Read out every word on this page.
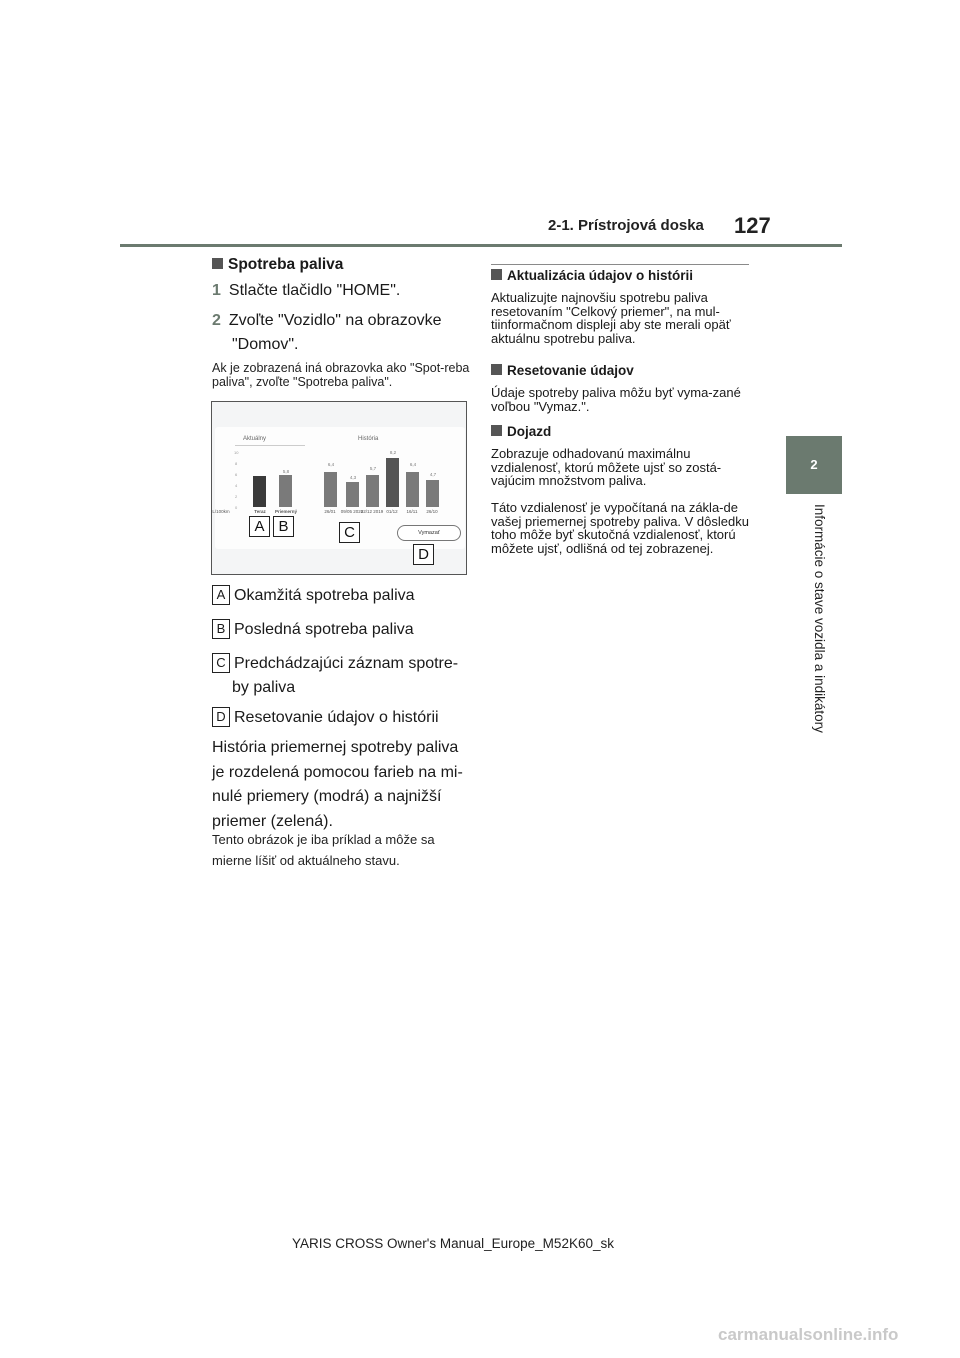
2-1. Prístrojová doska 127
2
Informácie o stave vozidla a indikátory
Spotreba paliva
1 Stlačte tlačidlo "HOME".
2 Zvoľte "Vozidlo" na obrazovke
"Domov".
Ak je zobrazená iná obrazovka ako "Spot-reba paliva", zvoľte "Spotreba paliva".
Aktuálny	História
10
8
6
4
2
0
5,8
Teraz	Priemerný
L/100km
6,4
4,3
5,7
8,2
6,4
4,7
26/01	09/05 2020
22/12 2019 01/12	16/11	26/10
Vymazať
A B	C
D
A Okamžitá spotreba paliva
B Posledná spotreba paliva
C Predchádzajúci záznam spotre-
by paliva
D Resetovanie údajov o histórii
História priemernej spotreby paliva je rozdelená pomocou farieb na mi-nulé priemery (modrá) a najnižší priemer (zelená).
Tento obrázok je iba príklad a môže sa mierne líšiť od aktuálneho stavu.
Aktualizácia údajov o histórii
Aktualizujte najnovšiu spotrebu paliva resetovaním "Celkový priemer", na mul-tiinformačnom displeji aby ste merali opäť aktuálnu spotrebu paliva.
Resetovanie údajov
Údaje spotreby paliva môžu byť vyma-zané voľbou "Vymaz.".
Dojazd
Zobrazuje odhadovanú maximálnu vzdialenosť, ktorú môžete ujsť so zostá-vajúcim množstvom paliva.
Táto vzdialenosť je vypočítaná na zákla-de vašej priemernej spotreby paliva. V dôsledku toho môže byť skutočná vzdialenosť, ktorú môžete ujsť, odlišná od tej zobrazenej.
YARIS CROSS Owner's Manual_Europe_M52K60_sk
carmanualsonline.info
